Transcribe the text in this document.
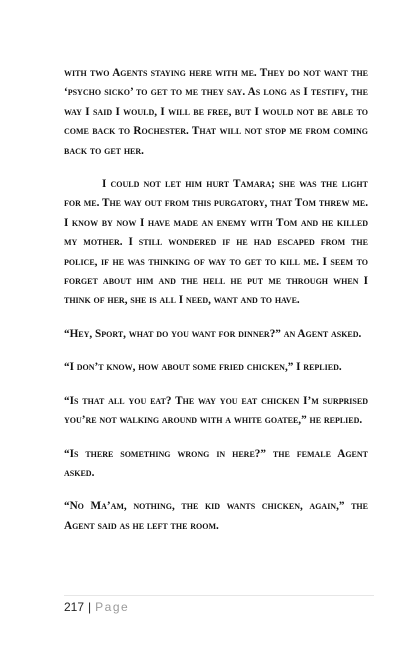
with two Agents staying here with me. They do not want the ‘psycho sicko’ to get to me they say. As long as I testify, the way I said I would, I will be free, but I would not be able to come back to Rochester. That will not stop me from coming back to get her.

I could not let him hurt Tamara; she was the light for me. The way out from this purgatory, that Tom threw me. I know by now I have made an enemy with Tom and he killed my mother. I still wondered if he had escaped from the police, if he was thinking of way to get to kill me. I seem to forget about him and the hell he put me through when I think of her, she is all I need, want and to have.

“Hey, Sport, what do you want for dinner?” an Agent asked.

“I don’t know, how about some fried chicken,” I replied.

“Is that all you eat? The way you eat chicken I’m surprised you’re not walking around with a white goatee,” he replied.

“Is there something wrong in here?” the female Agent asked.

“No Ma’am, nothing, the kid wants chicken, again,” the Agent said as he left the room.

217 | Page
